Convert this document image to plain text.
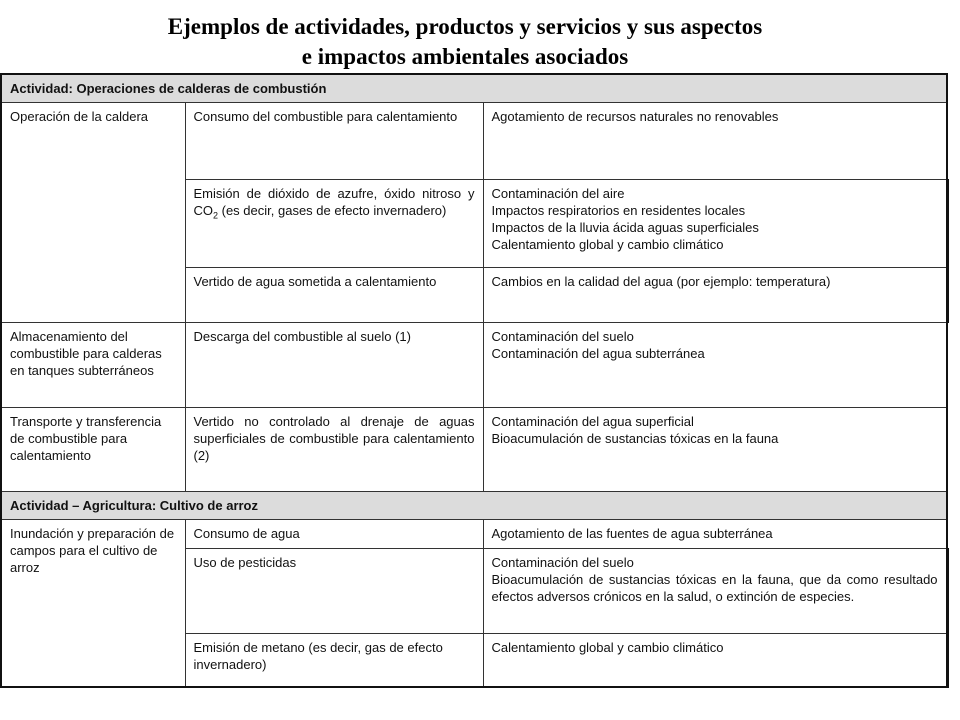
Ejemplos de actividades, productos y servicios y sus aspectos
e impactos ambientales asociados
Actividad: Operaciones de calderas de combustión		
Operación de la caldera	Consumo del combustible para calentamiento	Agotamiento de recursos naturales no renovables

	Emisión de dióxido de azufre, óxido nitroso y $CO_2$ (es decir, gases de efecto invernadero)	Contaminación del aire
Impactos respiratorios en residentes locales
Impactos de la lluvia ácida aguas superficiales
Calentamiento global y cambio climático

	Vertido de agua sometida a calentamiento	Cambios en la calidad del agua (por ejemplo: temperatura)

Almacenamiento del combustible para calderas en tanques subterráneos	Descarga del combustible al suelo (1)	Contaminación del suelo
Contaminación del agua subterránea

Transporte y transferencia de combustible para calentamiento	Vertido no controlado al drenaje de aguas superficiales de combustible para calentamiento (2)	Contaminación del agua superficial
Bioacumulación de sustancias tóxicas en la fauna

Actividad – Agricultura: Cultivo de arroz		
Inundación y preparación de campos para el cultivo de arroz	Consumo de agua	Agotamiento de las fuentes de agua subterránea

	Uso de pesticidas	Contaminación del suelo
Bioacumulación de sustancias tóxicas en la fauna, que da como resultado efectos adversos crónicos en la salud, o extinción de especies.

	Emisión de metano (es decir, gas de efecto invernadero)	Calentamiento global y cambio climático
